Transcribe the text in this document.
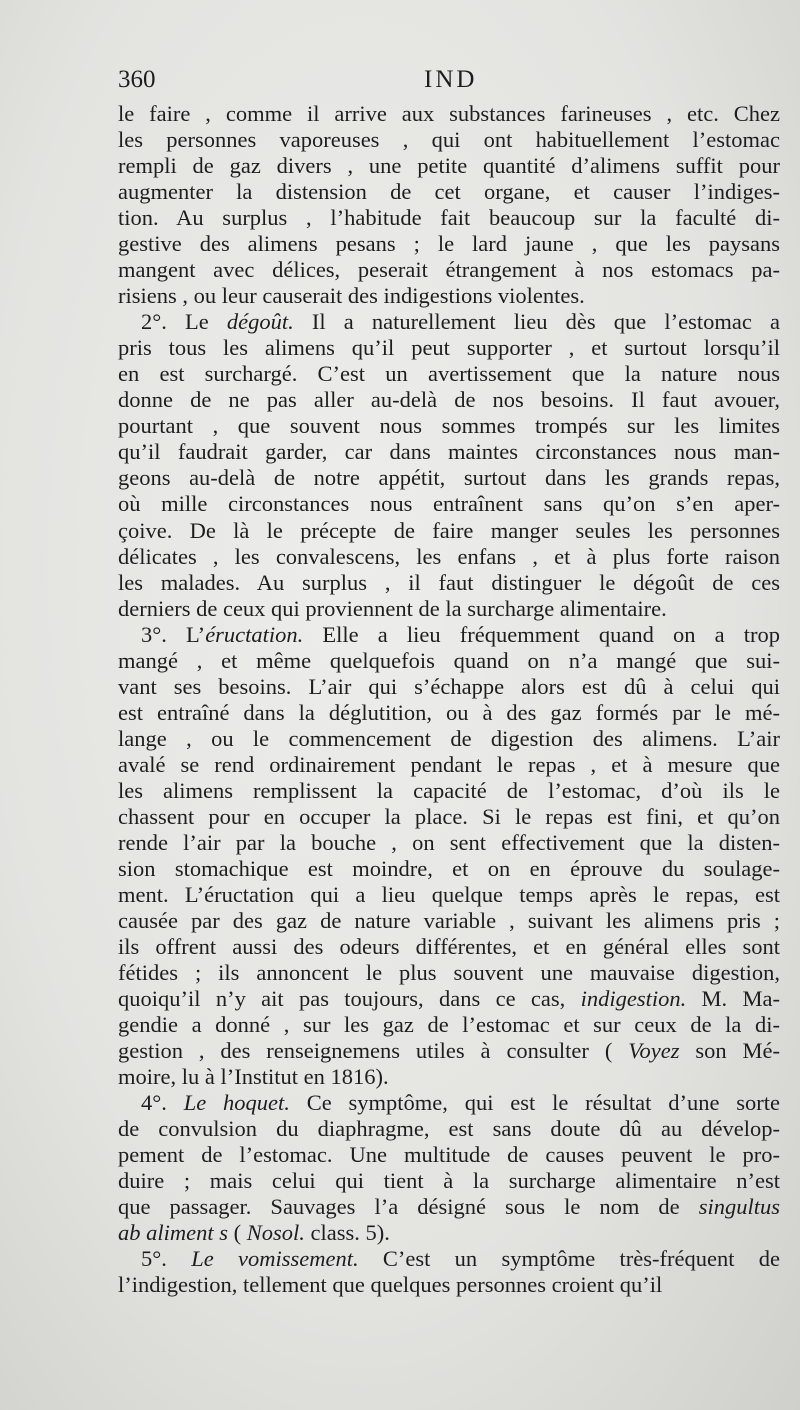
360	IND
le faire , comme il arrive aux substances farineuses , etc. Chez
les personnes vaporeuses , qui ont habituellement l’estomac
rempli de gaz divers , une petite quantité d’alimens suffit pour
augmenter la distension de cet organe, et causer l’indiges-
tion. Au surplus , l’habitude fait beaucoup sur la faculté di-
gestive des alimens pesans ; le lard jaune , que les paysans
mangent avec délices, peserait étrangement à nos estomacs pa-
risiens , ou leur causerait des indigestions violentes.
2°. Le dégoût. Il a naturellement lieu dès que l’estomac a
pris tous les alimens qu’il peut supporter , et surtout lorsqu’il
en est surchargé. C’est un avertissement que la nature nous
donne de ne pas aller au-delà de nos besoins. Il faut avouer,
pourtant , que souvent nous sommes trompés sur les limites
qu’il faudrait garder, car dans maintes circonstances nous man-
geons au-delà de notre appétit, surtout dans les grands repas,
où mille circonstances nous entraînent sans qu’on s’en aper-
çoive. De là le précepte de faire manger seules les personnes
délicates , les convalescens, les enfans , et à plus forte raison
les malades. Au surplus , il faut distinguer le dégoût de ces
derniers de ceux qui proviennent de la surcharge alimentaire.
3°. L’éructation. Elle a lieu fréquemment quand on a trop
mangé , et même quelquefois quand on n’a mangé que sui-
vant ses besoins. L’air qui s’échappe alors est dû à celui qui
est entraîné dans la déglutition, ou à des gaz formés par le mé-
lange , ou le commencement de digestion des alimens. L’air
avalé se rend ordinairement pendant le repas , et à mesure que
les alimens remplissent la capacité de l’estomac, d’où ils le
chassent pour en occuper la place. Si le repas est fini, et qu’on
rende l’air par la bouche , on sent effectivement que la disten-
sion stomachique est moindre, et on en éprouve du soulage-
ment. L’éructation qui a lieu quelque temps après le repas, est
causée par des gaz de nature variable , suivant les alimens pris ;
ils offrent aussi des odeurs différentes, et en général elles sont
fétides ; ils annoncent le plus souvent une mauvaise digestion,
quoiqu’il n’y ait pas toujours, dans ce cas, indigestion. M. Ma-
gendie a donné , sur les gaz de l’estomac et sur ceux de la di-
gestion , des renseignemens utiles à consulter ( Voyez son Mé-
moire, lu à l’Institut en 1816).
4°. Le hoquet. Ce symptôme, qui est le résultat d’une sorte
de convulsion du diaphragme, est sans doute dû au dévelop-
pement de l’estomac. Une multitude de causes peuvent le pro-
duire ; mais celui qui tient à la surcharge alimentaire n’est
que passager. Sauvages l’a désigné sous le nom de singultus
ab aliment s ( Nosol. class. 5).
5°. Le vomissement. C’est un symptôme très-fréquent de
l’indigestion, tellement que quelques personnes croient qu’il
